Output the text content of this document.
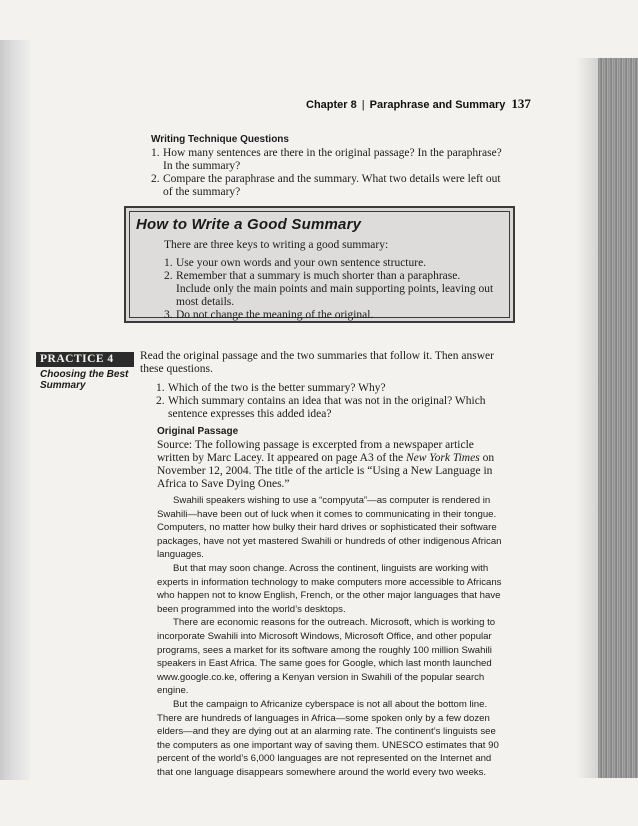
Chapter 8 | Paraphrase and Summary 137
Writing Technique Questions
1. How many sentences are there in the original passage? In the paraphrase? In the summary?
2. Compare the paraphrase and the summary. What two details were left out of the summary?
How to Write a Good Summary
There are three keys to writing a good summary:
1. Use your own words and your own sentence structure.
2. Remember that a summary is much shorter than a paraphrase. Include only the main points and main supporting points, leaving out most details.
3. Do not change the meaning of the original.
PRACTICE 4
Choosing the Best Summary
Read the original passage and the two summaries that follow it. Then answer these questions.
1. Which of the two is the better summary? Why?
2. Which summary contains an idea that was not in the original? Which sentence expresses this added idea?
Original Passage
Source: The following passage is excerpted from a newspaper article written by Marc Lacey. It appeared on page A3 of the New York Times on November 12, 2004. The title of the article is “Using a New Language in Africa to Save Dying Ones.”

Swahili speakers wishing to use a “compyuta”—as computer is rendered in Swahili—have been out of luck when it comes to communicating in their tongue. Computers, no matter how bulky their hard drives or sophisticated their software packages, have not yet mastered Swahili or hundreds of other indigenous African languages.

But that may soon change. Across the continent, linguists are working with experts in information technology to make computers more accessible to Africans who happen not to know English, French, or the other major languages that have been programmed into the world’s desktops.

There are economic reasons for the outreach. Microsoft, which is working to incorporate Swahili into Microsoft Windows, Microsoft Office, and other popular programs, sees a market for its software among the roughly 100 million Swahili speakers in East Africa. The same goes for Google, which last month launched www.google.co.ke, offering a Kenyan version in Swahili of the popular search engine.

But the campaign to Africanize cyberspace is not all about the bottom line. There are hundreds of languages in Africa—some spoken only by a few dozen elders—and they are dying out at an alarming rate. The continent’s linguists see the computers as one important way of saving them. UNESCO estimates that 90 percent of the world’s 6,000 languages are not represented on the Internet and that one language disappears somewhere around the world every two weeks.
